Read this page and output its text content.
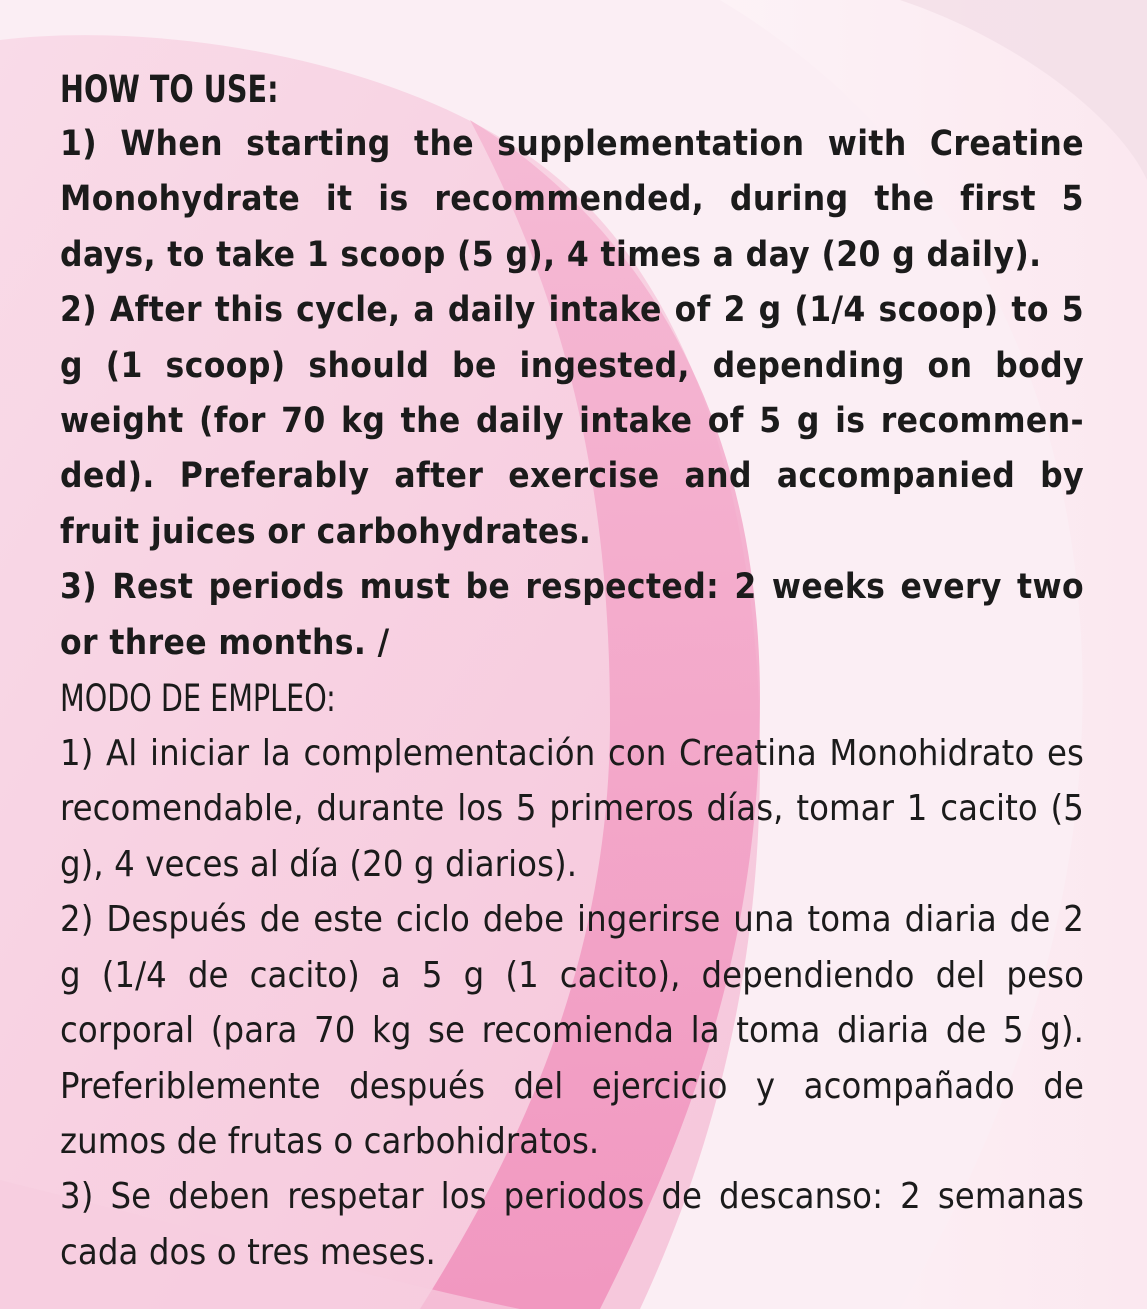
HOW TO USE:

1) When starting the supplementation with Creatine Monohydrate it is recommended, during the first 5 days, to take 1 scoop (5 g), 4 times a day (20 g daily).

2) After this cycle, a daily intake of 2 g (1/4 scoop) to 5 g (1 scoop) should be ingested, depending on body weight (for 70 kg the daily intake of 5 g is recommen-ded). Preferably after exercise and accompanied by fruit juices or carbohydrates.

3) Rest periods must be respected: 2 weeks every two or three months. /

MODO DE EMPLEO:

1) Al iniciar la complementación con Creatina Monohidrato es recomendable, durante los 5 primeros días, tomar 1 cacito (5 g), 4 veces al día (20 g diarios).

2) Después de este ciclo debe ingerirse una toma diaria de 2 g (1/4 de cacito) a 5 g (1 cacito), dependiendo del peso corporal (para 70 kg se recomienda la toma diaria de 5 g). Preferiblemente después del ejercicio y acompañado de zumos de frutas o carbohidratos.

3) Se deben respetar los periodos de descanso: 2 semanas cada dos o tres meses.
